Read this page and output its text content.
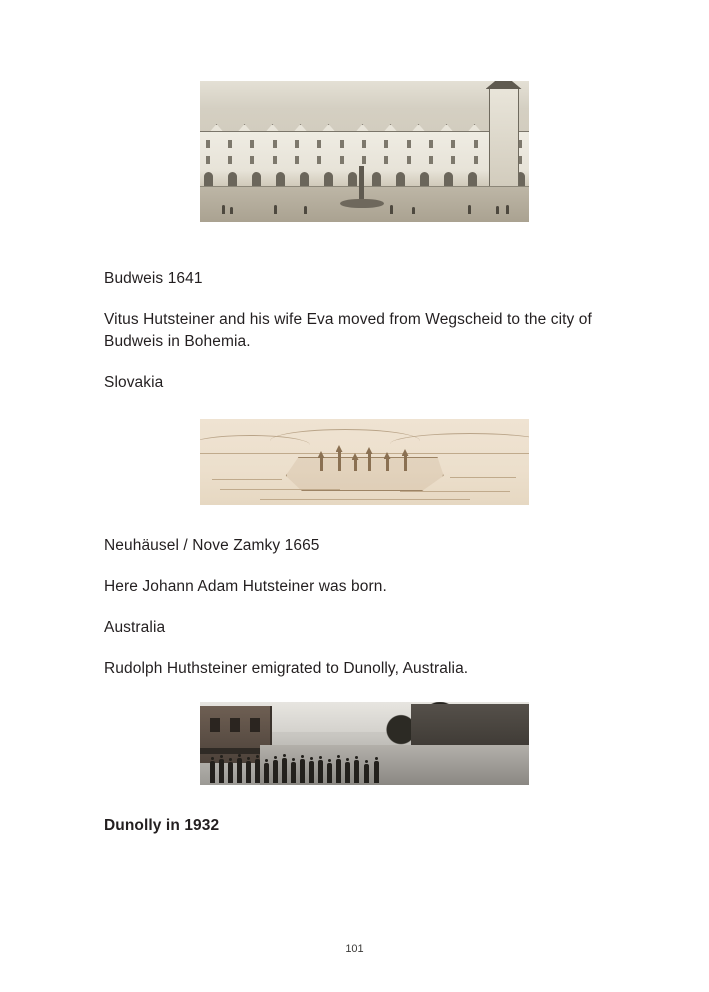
Budweis 1641

Vitus Hutsteiner and his wife Eva moved from Wegscheid to the city of Budweis in Bohemia.

Slovakia

Neuhäusel / Nove Zamky 1665

Here Johann Adam Hutsteiner was born.

Australia

Rudolph Huthsteiner emigrated to Dunolly, Australia.

Dunolly in 1932

101
